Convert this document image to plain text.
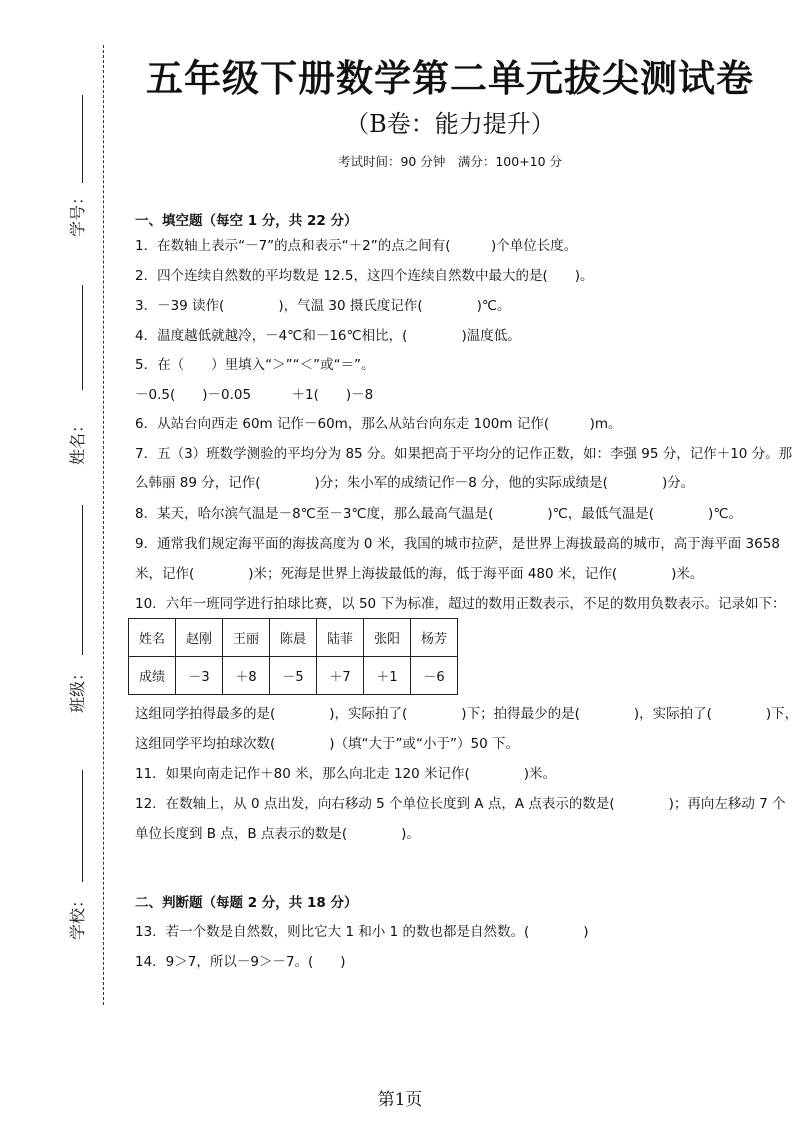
学号：
姓名：
班级：
学校：
五年级下册数学第二单元拔尖测试卷
（B卷：能力提升）
考试时间：90 分钟　满分：100+10 分
一、填空题（每空 1 分，共 22 分）
1．在数轴上表示“－7”的点和表示“＋2”的点之间有(　　　)个单位长度。
2．四个连续自然数的平均数是 12.5，这四个连续自然数中最大的是(　　)。
3．－39 读作(　　　　)，气温 30 摄氏度记作(　　　　)℃。
4．温度越低就越冷，－4℃和－16℃相比，(　　　　)温度低。
5．在（　　）里填入“＞”“＜”或“＝”。
－0.5(　　)－0.05　　　＋1(　　)－8
6．从站台向西走 60m 记作－60m，那么从站台向东走 100m 记作(　　　)m。
7．五（3）班数学测验的平均分为 85 分。如果把高于平均分的记作正数，如：李强 95 分，记作＋10 分。那
么韩丽 89 分，记作(　　　　)分；朱小军的成绩记作－8 分，他的实际成绩是(　　　　)分。
8．某天，哈尔滨气温是－8℃至－3℃度，那么最高气温是(　　　　)℃，最低气温是(　　　　)℃。
9．通常我们规定海平面的海拔高度为 0 米，我国的城市拉萨，是世界上海拔最高的城市，高于海平面 3658
米，记作(　　　　)米；死海是世界上海拔最低的海，低于海平面 480 米，记作(　　　　)米。
10．六年一班同学进行拍球比赛，以 50 下为标准，超过的数用正数表示，不足的数用负数表示。记录如下：
姓名	赵刚	王丽	陈晨	陆菲	张阳	杨芳
成绩	－3	＋8	－5	＋7	＋1	－6
这组同学拍得最多的是(　　　　)，实际拍了(　　　　)下；拍得最少的是(　　　　)，实际拍了(　　　　)下，
这组同学平均拍球次数(　　　　)（填“大于”或“小于”）50 下。
11．如果向南走记作＋80 米，那么向北走 120 米记作(　　　　)米。
12．在数轴上，从 0 点出发，向右移动 5 个单位长度到 A 点，A 点表示的数是(　　　　)；再向左移动 7 个
单位长度到 B 点，B 点表示的数是(　　　　)。
二、判断题（每题 2 分，共 18 分）
13．若一个数是自然数，则比它大 1 和小 1 的数也都是自然数。(　　　　)
14．9＞7，所以－9＞－7。(　　)
第1页
